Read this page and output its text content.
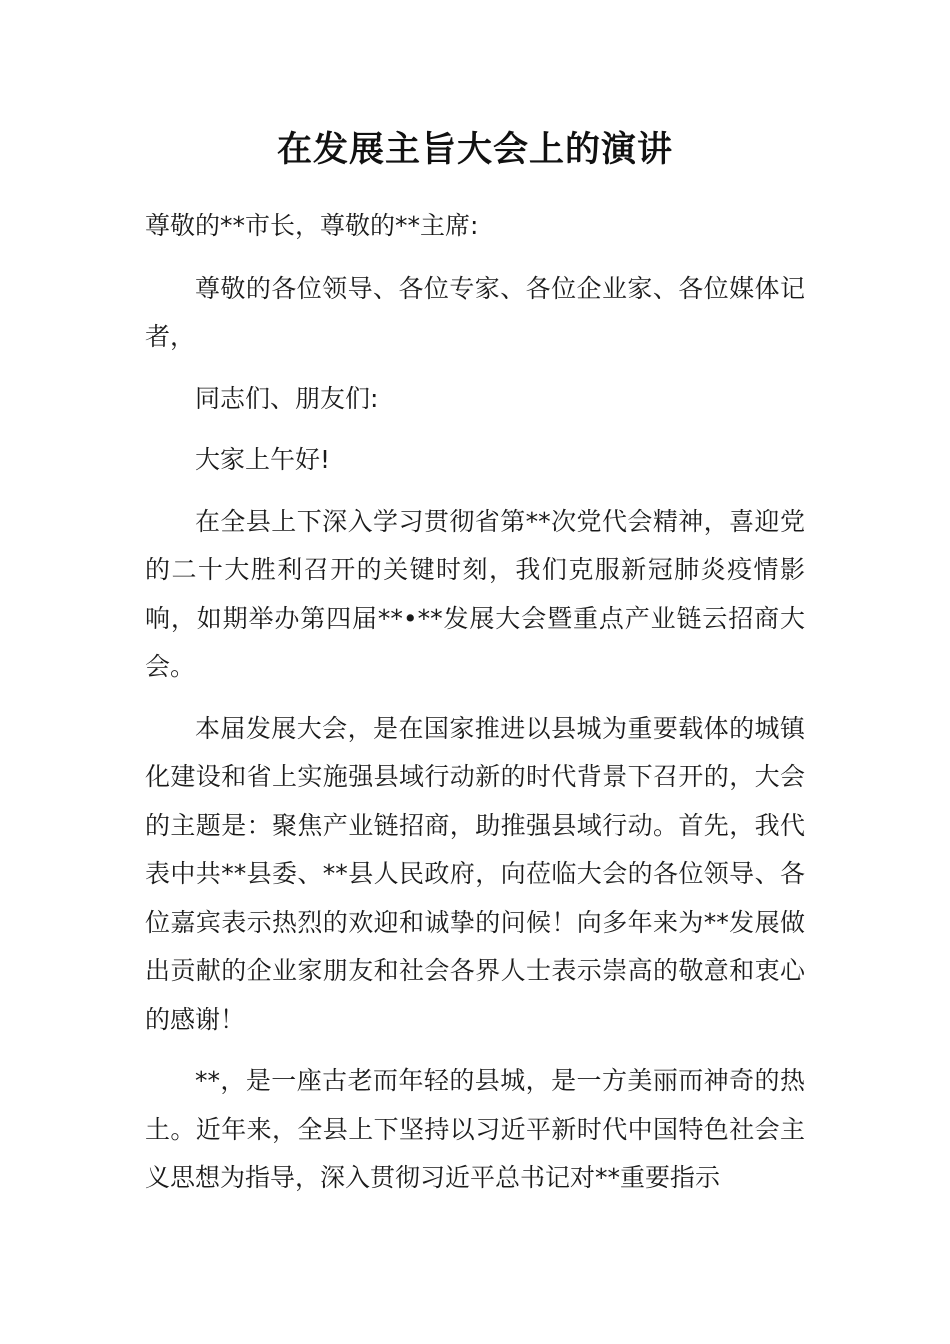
在发展主旨大会上的演讲

尊敬的**市长，尊敬的**主席:

尊敬的各位领导、各位专家、各位企业家、各位媒体记者，

同志们、朋友们:

大家上午好!

在全县上下深入学习贯彻省第**次党代会精神，喜迎党的二十大胜利召开的关键时刻，我们克服新冠肺炎疫情影响，如期举办第四届**•**发展大会暨重点产业链云招商大会。

本届发展大会，是在国家推进以县城为重要载体的城镇化建设和省上实施强县域行动新的时代背景下召开的，大会的主题是：聚焦产业链招商，助推强县域行动。首先，我代表中共**县委、**县人民政府，向莅临大会的各位领导、各位嘉宾表示热烈的欢迎和诚挚的问候！向多年来为**发展做出贡献的企业家朋友和社会各界人士表示崇高的敬意和衷心的感谢！

**，是一座古老而年轻的县城，是一方美丽而神奇的热土。近年来，全县上下坚持以习近平新时代中国特色社会主义思想为指导，深入贯彻习近平总书记对**重要指示
